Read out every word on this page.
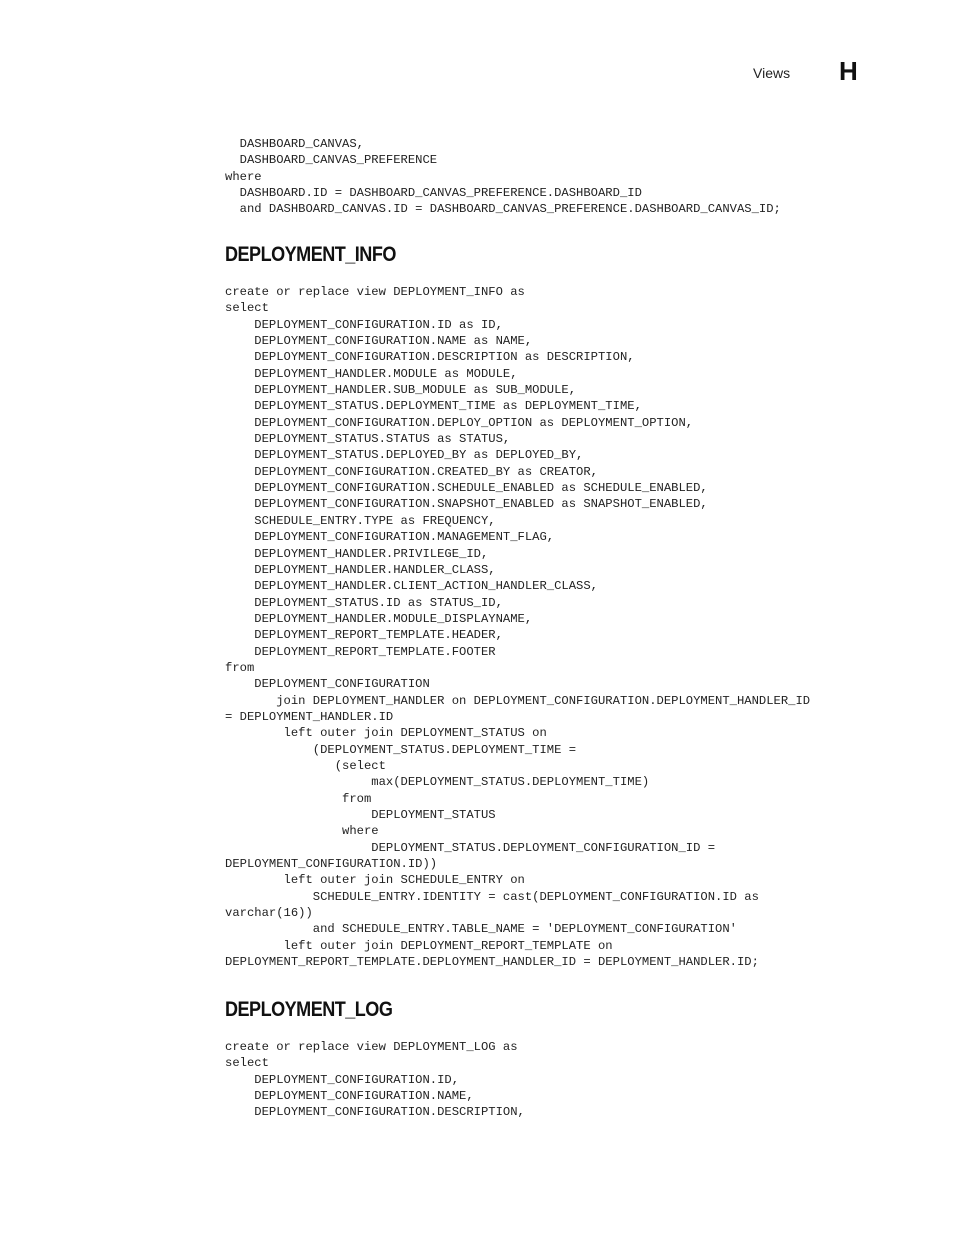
Views H
DASHBOARD_CANVAS,
DASHBOARD_CANVAS_PREFERENCE
where
DASHBOARD.ID = DASHBOARD_CANVAS_PREFERENCE.DASHBOARD_ID
and DASHBOARD_CANVAS.ID = DASHBOARD_CANVAS_PREFERENCE.DASHBOARD_CANVAS_ID;
DEPLOYMENT_INFO
create or replace view DEPLOYMENT_INFO as
select
DEPLOYMENT_CONFIGURATION.ID as ID,
DEPLOYMENT_CONFIGURATION.NAME as NAME,
DEPLOYMENT_CONFIGURATION.DESCRIPTION as DESCRIPTION,
DEPLOYMENT_HANDLER.MODULE as MODULE,
DEPLOYMENT_HANDLER.SUB_MODULE as SUB_MODULE,
DEPLOYMENT_STATUS.DEPLOYMENT_TIME as DEPLOYMENT_TIME,
DEPLOYMENT_CONFIGURATION.DEPLOY_OPTION as DEPLOYMENT_OPTION,
DEPLOYMENT_STATUS.STATUS as STATUS,
DEPLOYMENT_STATUS.DEPLOYED_BY as DEPLOYED_BY,
DEPLOYMENT_CONFIGURATION.CREATED_BY as CREATOR,
DEPLOYMENT_CONFIGURATION.SCHEDULE_ENABLED as SCHEDULE_ENABLED,
DEPLOYMENT_CONFIGURATION.SNAPSHOT_ENABLED as SNAPSHOT_ENABLED,
SCHEDULE_ENTRY.TYPE as FREQUENCY,
DEPLOYMENT_CONFIGURATION.MANAGEMENT_FLAG,
DEPLOYMENT_HANDLER.PRIVILEGE_ID,
DEPLOYMENT_HANDLER.HANDLER_CLASS,
DEPLOYMENT_HANDLER.CLIENT_ACTION_HANDLER_CLASS,
DEPLOYMENT_STATUS.ID as STATUS_ID,
DEPLOYMENT_HANDLER.MODULE_DISPLAYNAME,
DEPLOYMENT_REPORT_TEMPLATE.HEADER,
DEPLOYMENT_REPORT_TEMPLATE.FOOTER
from
DEPLOYMENT_CONFIGURATION
join DEPLOYMENT_HANDLER on DEPLOYMENT_CONFIGURATION.DEPLOYMENT_HANDLER_ID
= DEPLOYMENT_HANDLER.ID
left outer join DEPLOYMENT_STATUS on
(DEPLOYMENT_STATUS.DEPLOYMENT_TIME =
(select
max(DEPLOYMENT_STATUS.DEPLOYMENT_TIME)
from
DEPLOYMENT_STATUS
where
DEPLOYMENT_STATUS.DEPLOYMENT_CONFIGURATION_ID =
DEPLOYMENT_CONFIGURATION.ID))
left outer join SCHEDULE_ENTRY on
SCHEDULE_ENTRY.IDENTITY = cast(DEPLOYMENT_CONFIGURATION.ID as
varchar(16))
and SCHEDULE_ENTRY.TABLE_NAME = 'DEPLOYMENT_CONFIGURATION'
left outer join DEPLOYMENT_REPORT_TEMPLATE on
DEPLOYMENT_REPORT_TEMPLATE.DEPLOYMENT_HANDLER_ID = DEPLOYMENT_HANDLER.ID;
DEPLOYMENT_LOG
create or replace view DEPLOYMENT_LOG as
select
DEPLOYMENT_CONFIGURATION.ID,
DEPLOYMENT_CONFIGURATION.NAME,
DEPLOYMENT_CONFIGURATION.DESCRIPTION,
